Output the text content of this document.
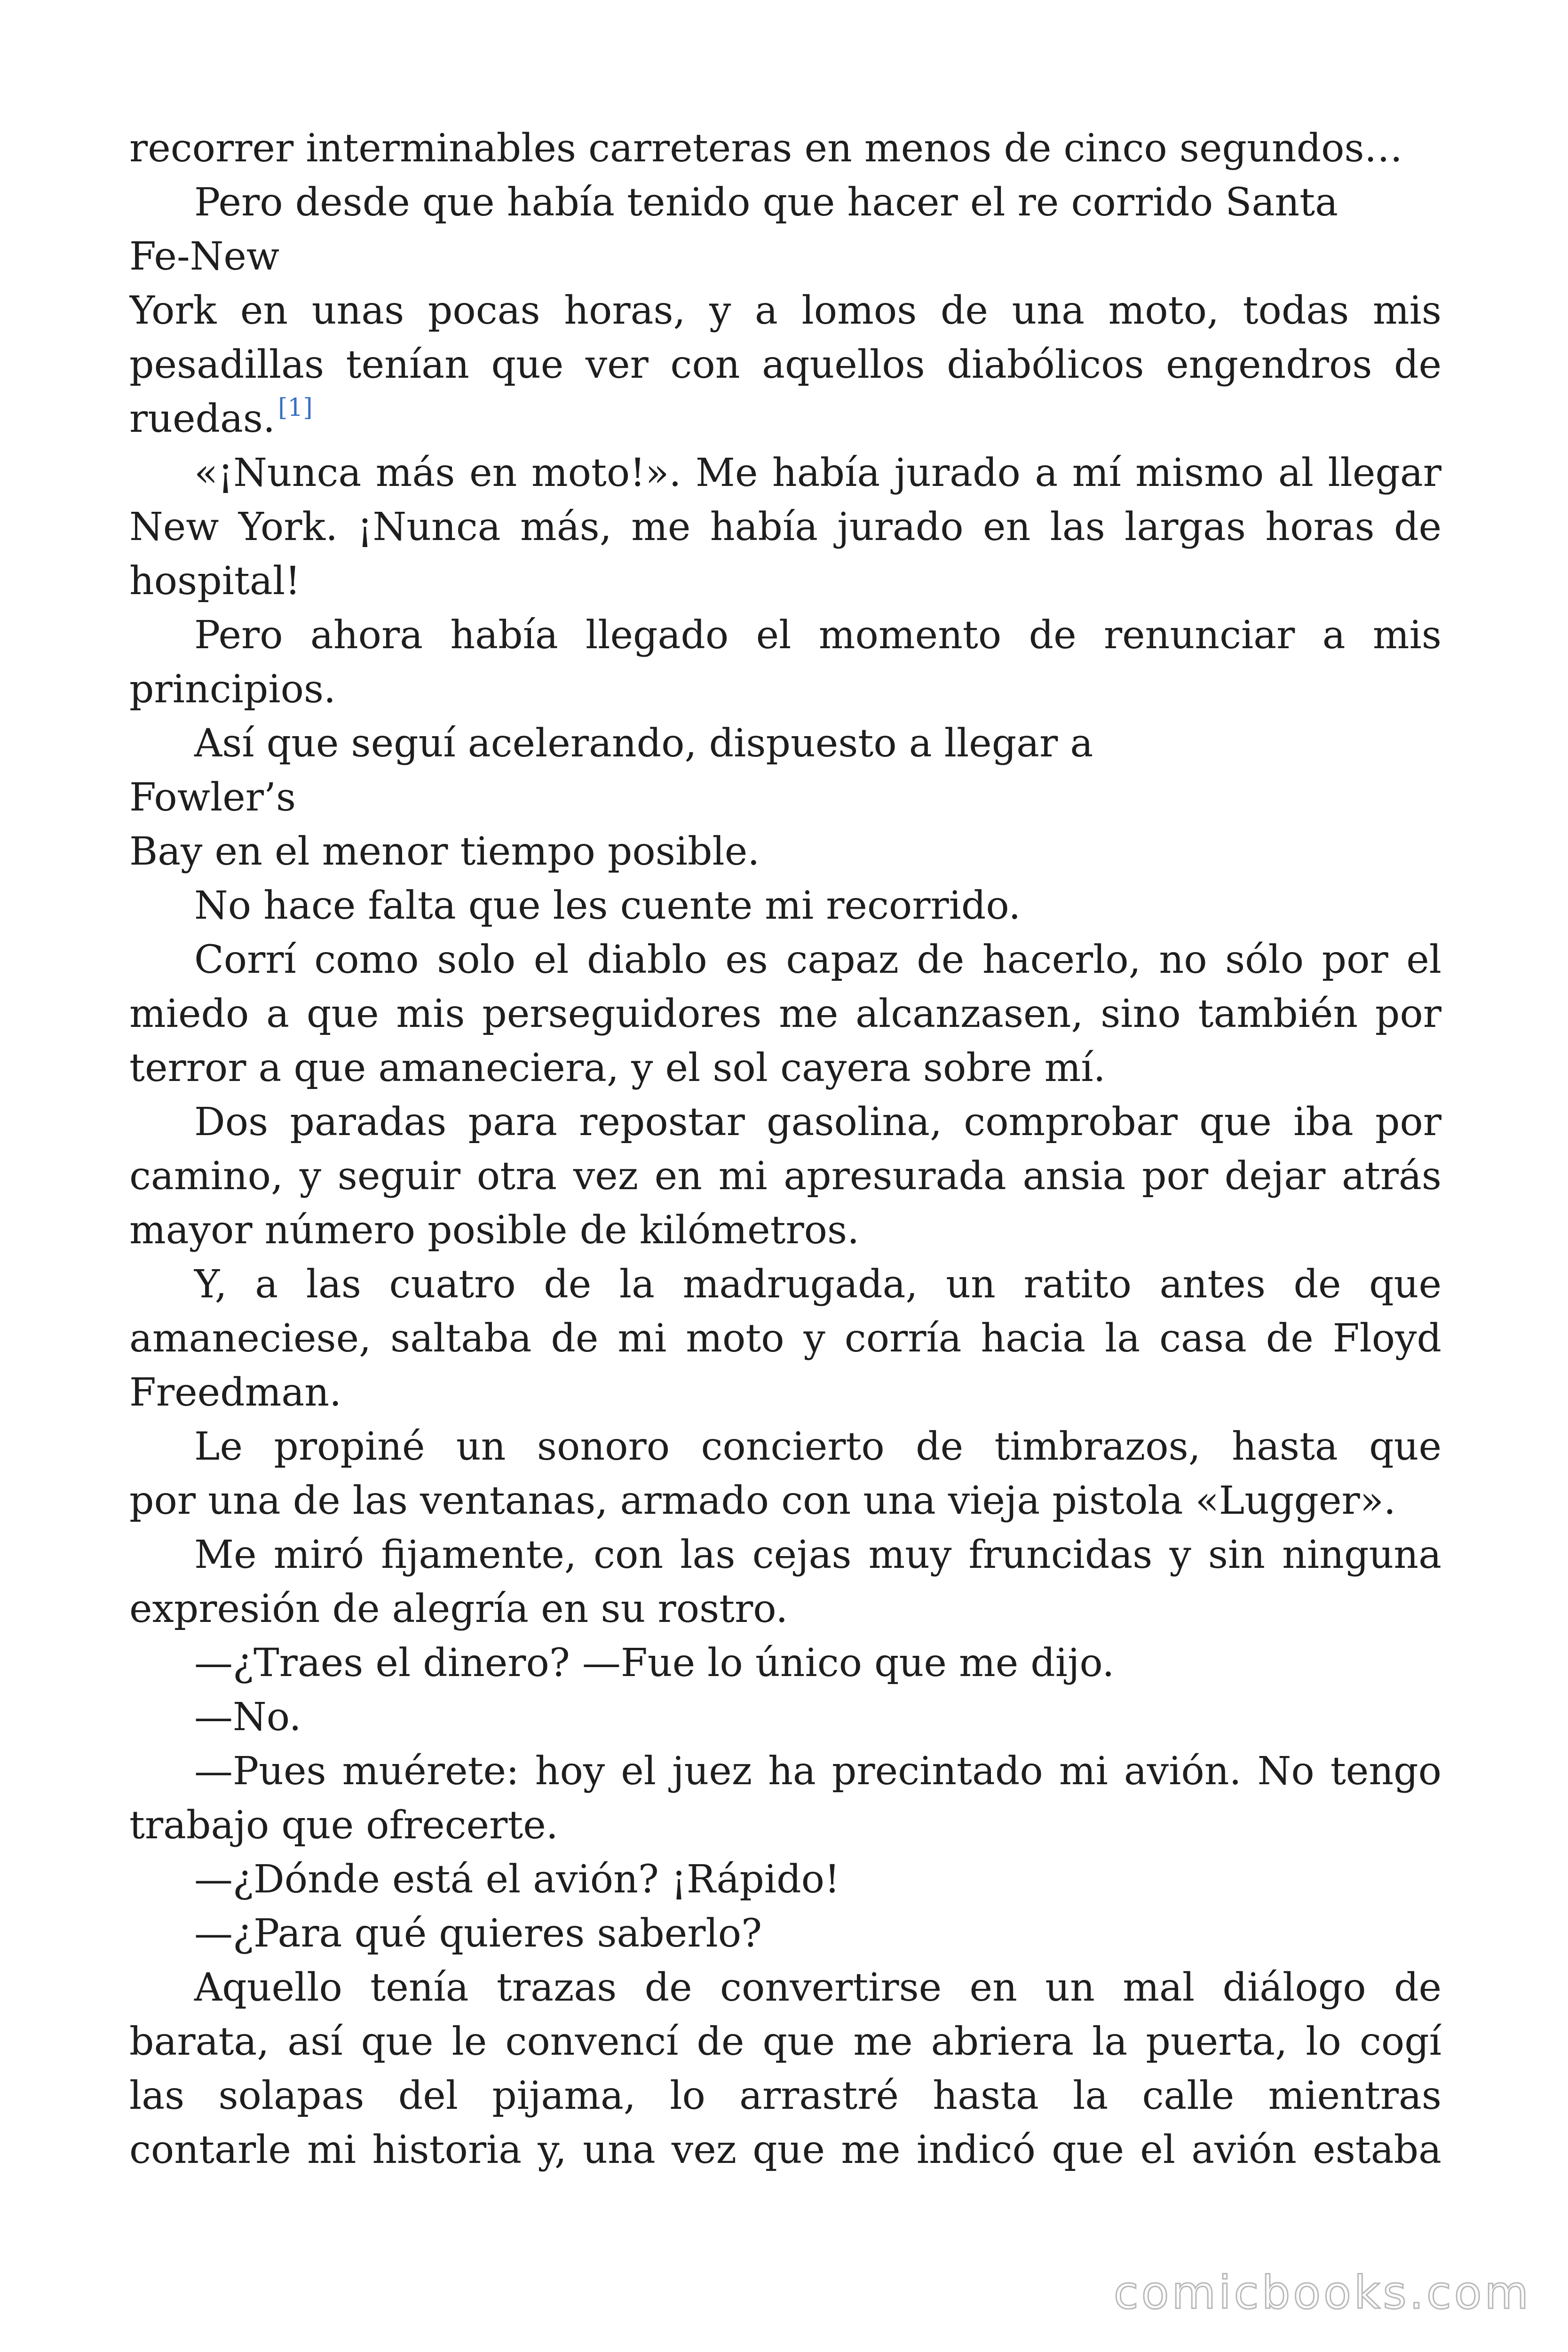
recorrer interminables carreteras en menos de cinco segundos…
Pero desde que había tenido que hacer el re corrido Santa
Fe-New
York en unas pocas horas, y a lomos de una moto, todas mis
pesadillas tenían que ver con aquellos diabólicos engendros de
ruedas. [1]
«¡Nunca más en moto!». Me había jurado a mí mismo al llegar
New York. ¡Nunca más, me había jurado en las largas horas de
hospital!
Pero ahora había llegado el momento de renunciar a mis
principios.
Así que seguí acelerando, dispuesto a llegar a
Fowler’s
Bay en el menor tiempo posible.
No hace falta que les cuente mi recorrido.
Corrí como solo el diablo es capaz de hacerlo, no sólo por el
miedo a que mis perseguidores me alcanzasen, sino también por
terror a que amaneciera, y el sol cayera sobre mí.
Dos paradas para repostar gasolina, comprobar que iba por
camino, y seguir otra vez en mi apresurada ansia por dejar atrás
mayor número posible de kilómetros.
Y, a las cuatro de la madrugada, un ratito antes de que
amaneciese, saltaba de mi moto y corría hacia la casa de Floyd
Freedman.
Le propiné un sonoro concierto de timbrazos, hasta que
por una de las ventanas, armado con una vieja pistola «Lugger».
Me miró fijamente, con las cejas muy fruncidas y sin ninguna
expresión de alegría en su rostro.
—¿Traes el dinero? —Fue lo único que me dijo.
—No.
—Pues muérete: hoy el juez ha precintado mi avión. No tengo
trabajo que ofrecerte.
—¿Dónde está el avión? ¡Rápido!
—¿Para qué quieres saberlo?
Aquello tenía trazas de convertirse en un mal diálogo de
barata, así que le convencí de que me abriera la puerta, lo cogí
las solapas del pijama, lo arrastré hasta la calle mientras
contarle mi historia y, una vez que me indicó que el avión estaba
comicbooks.com
